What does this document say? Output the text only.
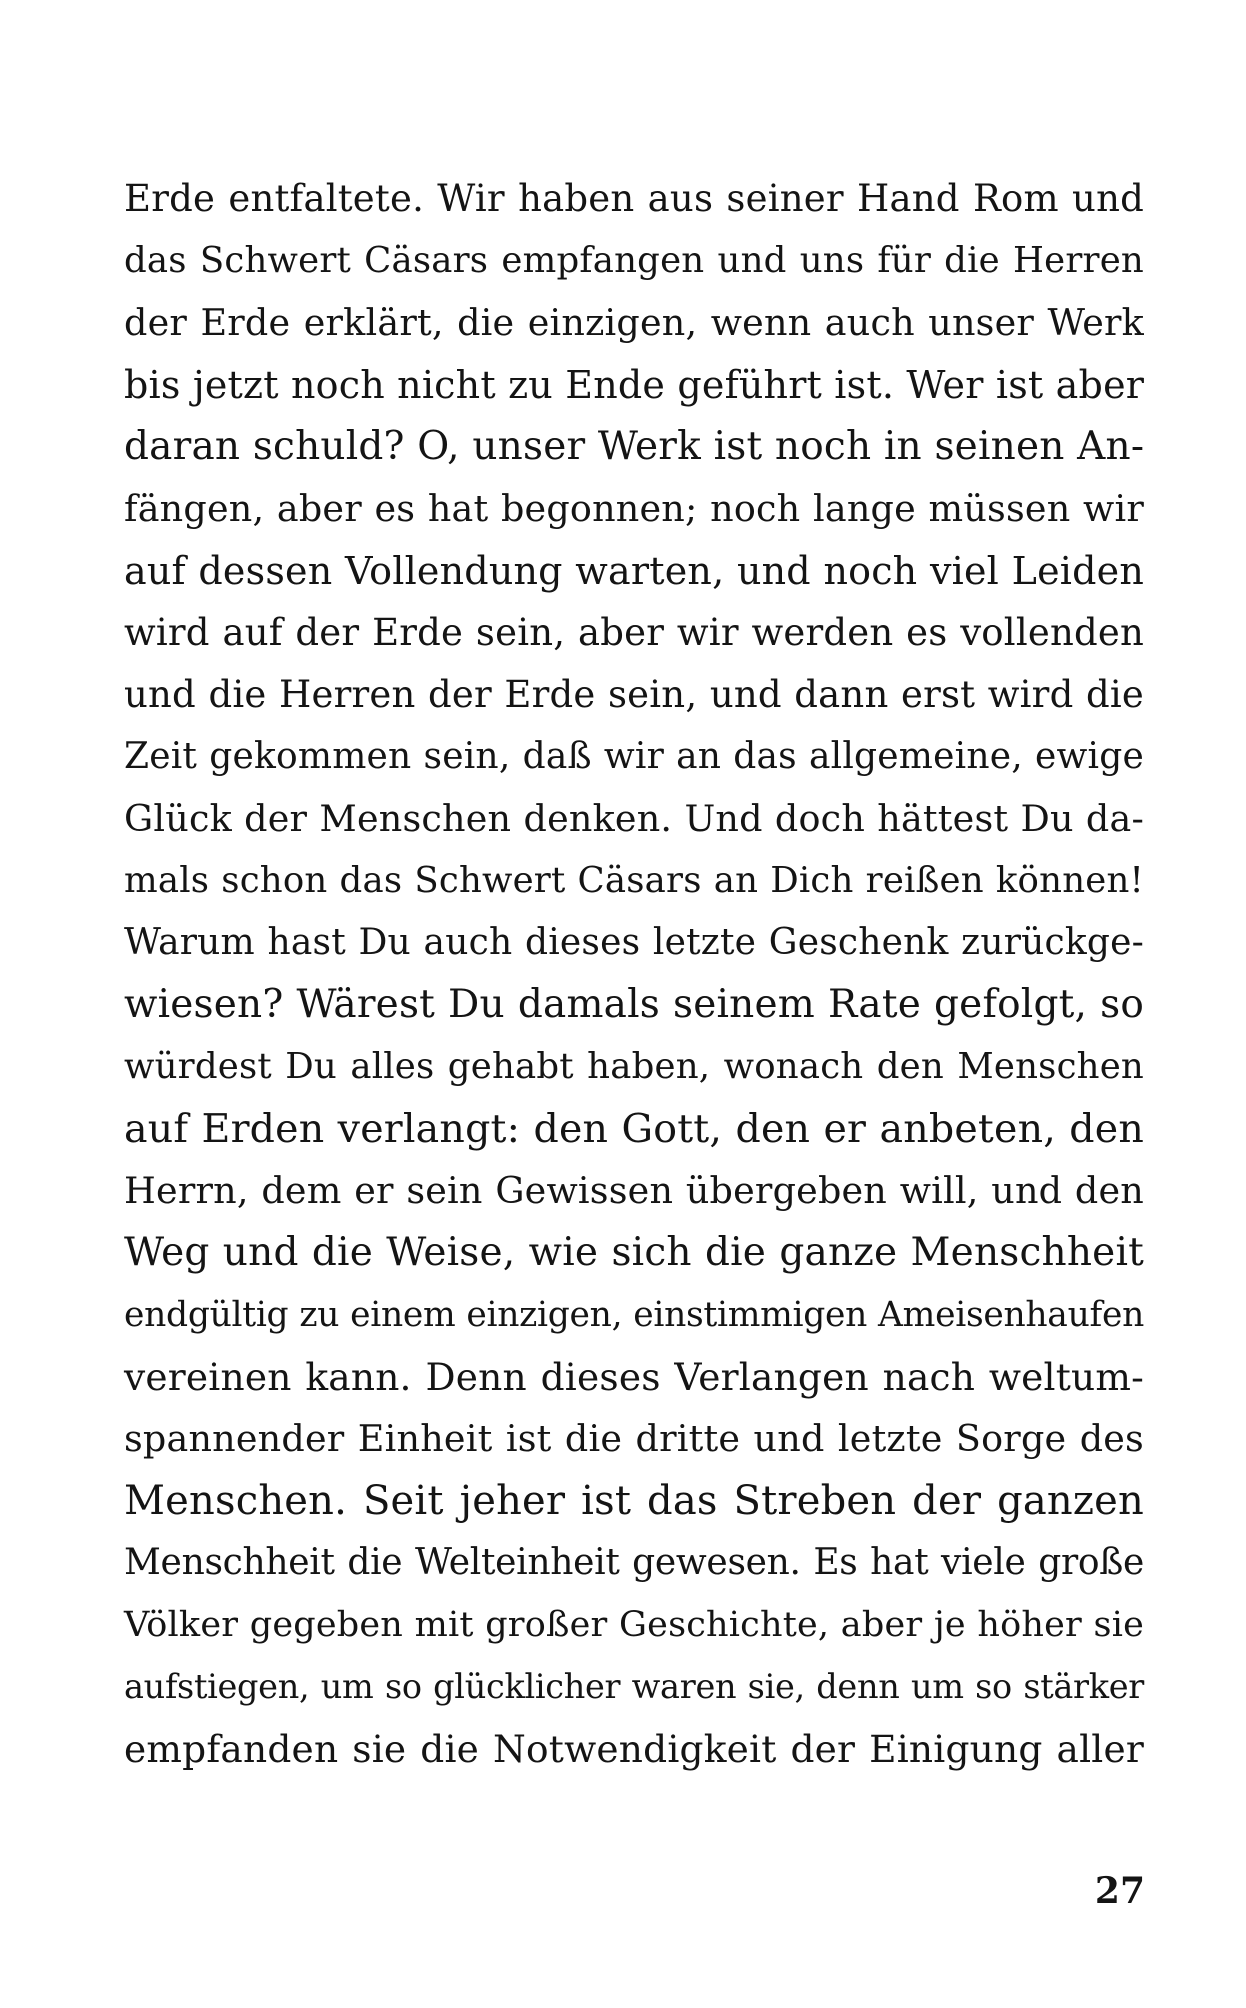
Erde entfaltete. Wir haben aus seiner Hand Rom und
das Schwert Cäsars empfangen und uns für die Herren
der Erde erklärt, die einzigen, wenn auch unser Werk
bis jetzt noch nicht zu Ende geführt ist. Wer ist aber
daran schuld? O, unser Werk ist noch in seinen An-
fängen, aber es hat begonnen; noch lange müssen wir
auf dessen Vollendung warten, und noch viel Leiden
wird auf der Erde sein, aber wir werden es vollenden
und die Herren der Erde sein, und dann erst wird die
Zeit gekommen sein, daß wir an das allgemeine, ewige
Glück der Menschen denken. Und doch hättest Du da-
mals schon das Schwert Cäsars an Dich reißen können!
Warum hast Du auch dieses letzte Geschenk zurückge-
wiesen? Wärest Du damals seinem Rate gefolgt, so
würdest Du alles gehabt haben, wonach den Menschen
auf Erden verlangt: den Gott, den er anbeten, den
Herrn, dem er sein Gewissen übergeben will, und den
Weg und die Weise, wie sich die ganze Menschheit
endgültig zu einem einzigen, einstimmigen Ameisenhaufen
vereinen kann. Denn dieses Verlangen nach weltum-
spannender Einheit ist die dritte und letzte Sorge des
Menschen. Seit jeher ist das Streben der ganzen
Menschheit die Welteinheit gewesen. Es hat viele große
Völker gegeben mit großer Geschichte, aber je höher sie
aufstiegen, um so glücklicher waren sie, denn um so stärker
empfanden sie die Notwendigkeit der Einigung aller
27
